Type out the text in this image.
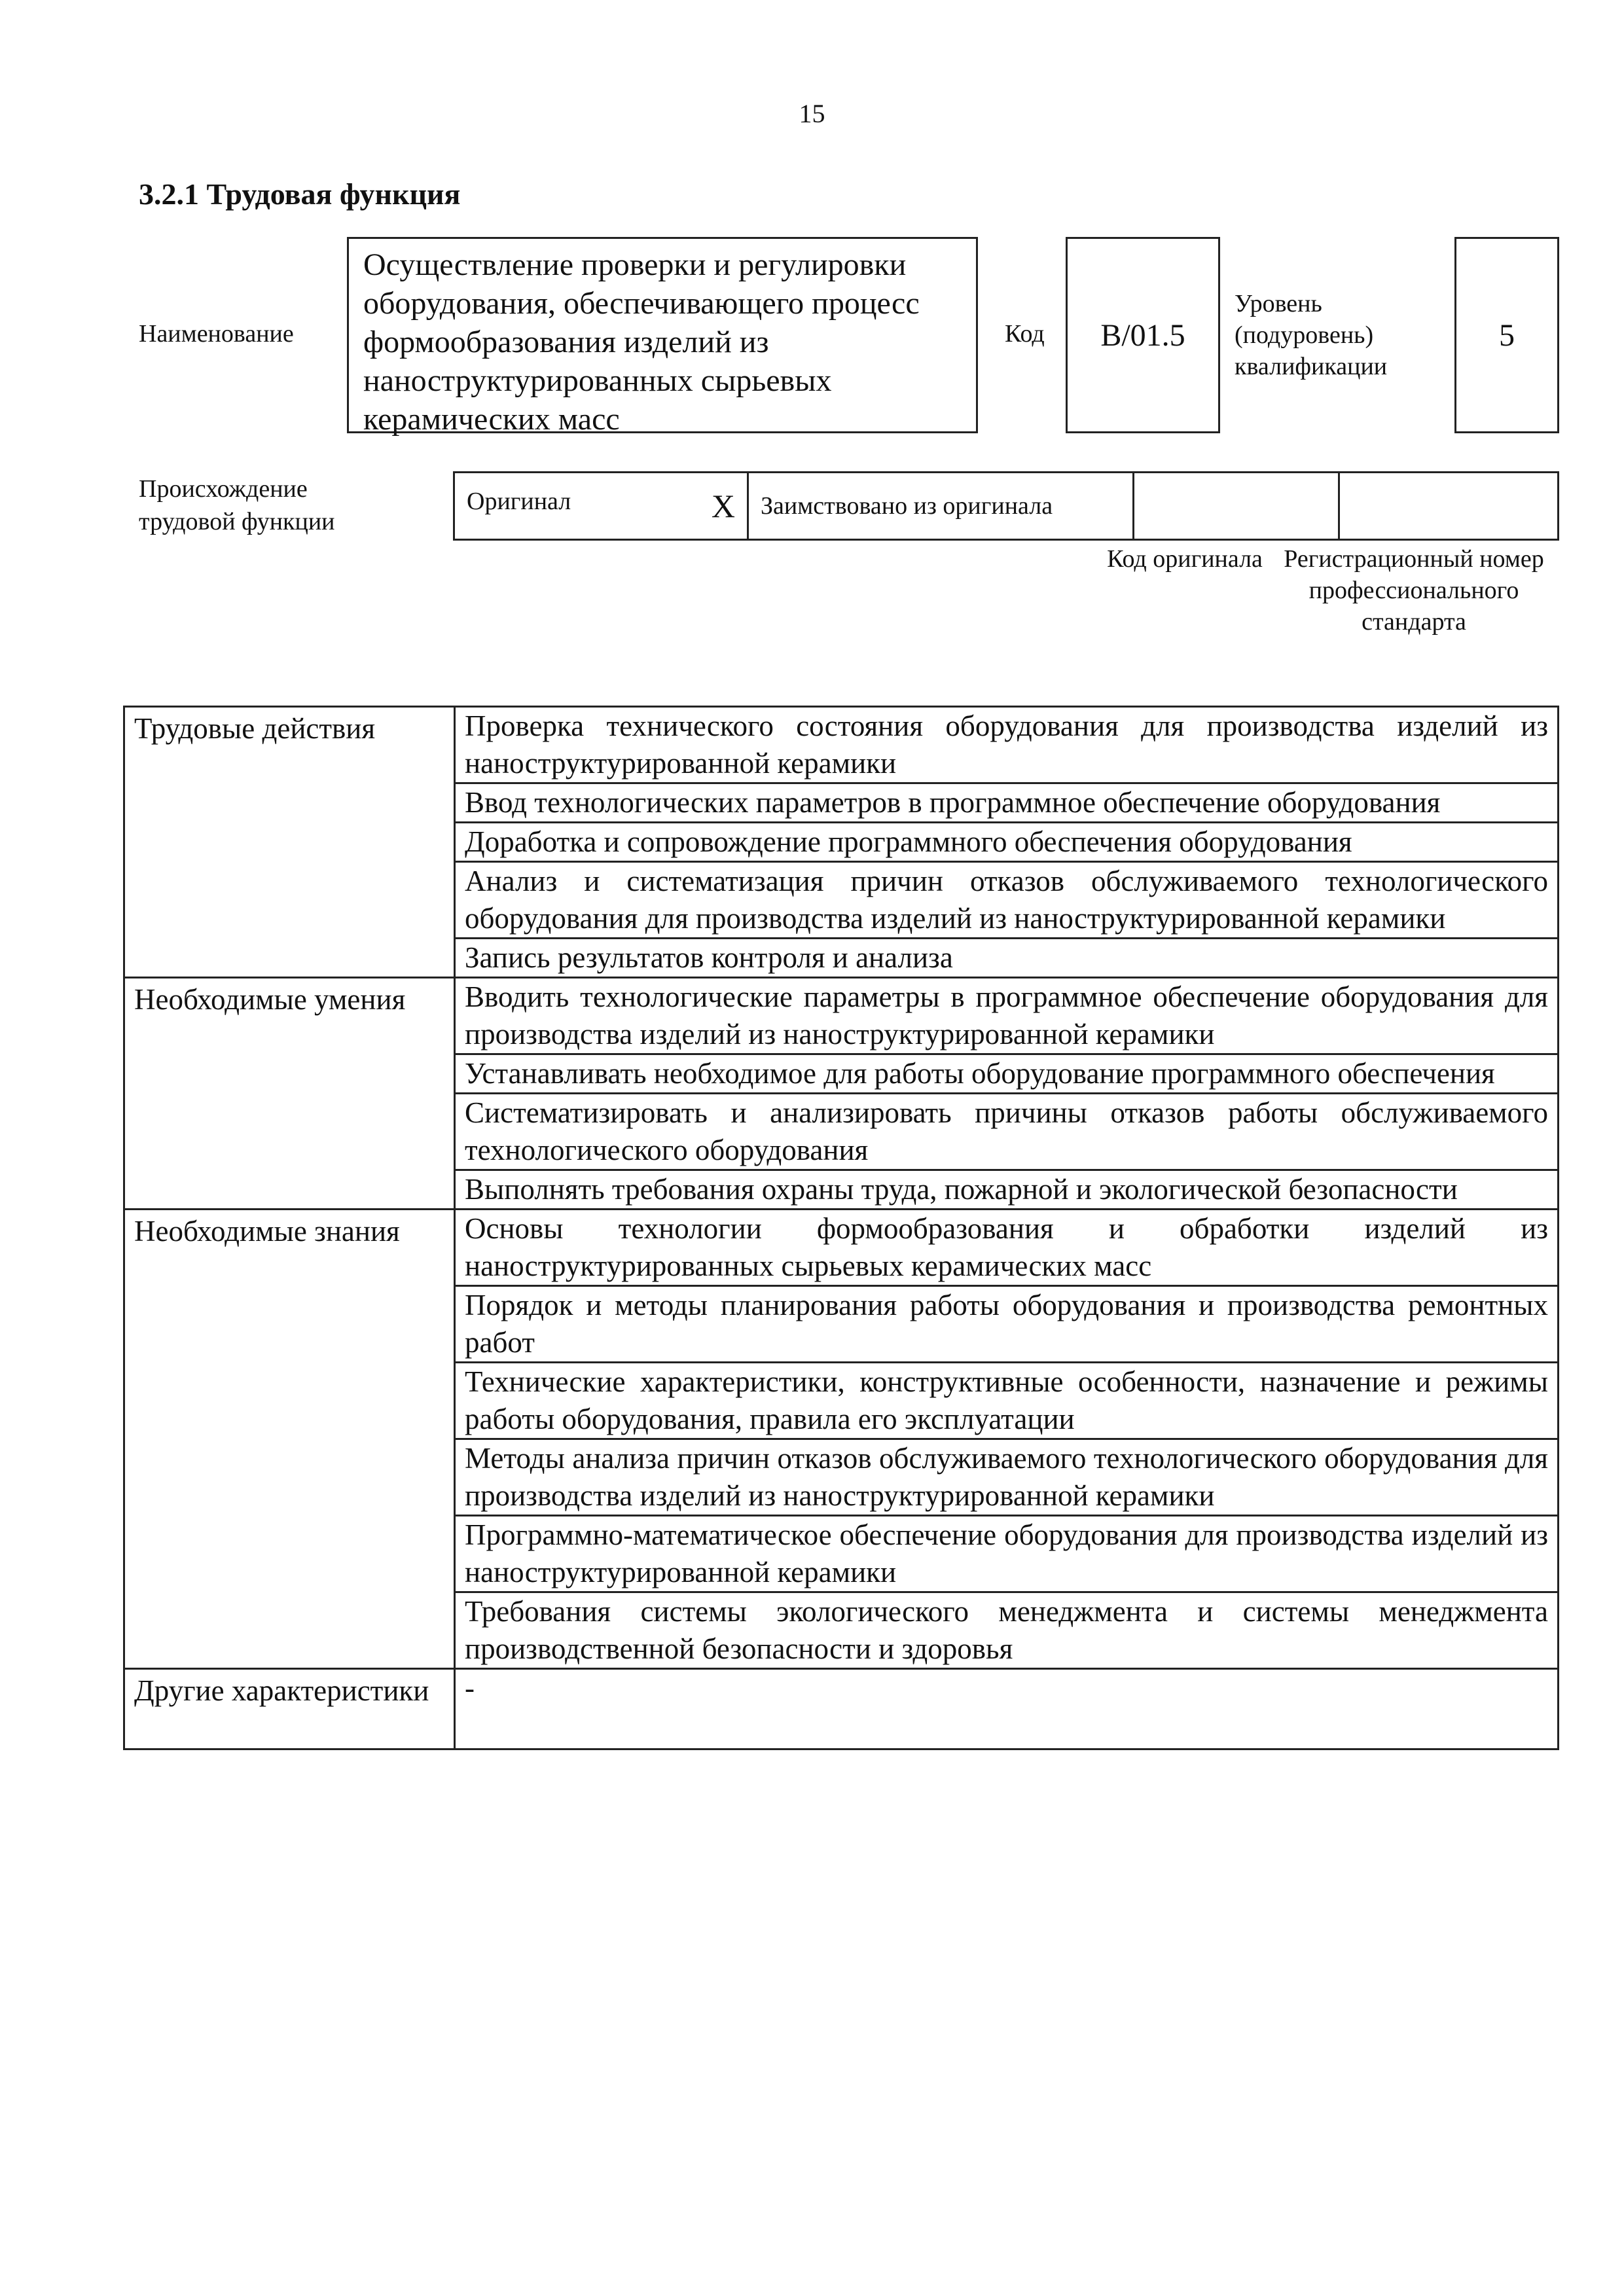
15
3.2.1 Трудовая функция
Наименование
Осуществление проверки и регулировки оборудования, обеспечивающего процесс формообразования изделий из наноструктурированных сырьевых керамических масс
Код B/01.5
Уровень (подуровень) квалификации
5
Происхождение трудовой функции
Оригинал	X	Заимствовано из оригинала		
Код оригинала Регистрационный номер профессионального стандарта
Трудовые действия	Проверка технического состояния оборудования для производства изделий из наноструктурированной керамики
	Ввод технологических параметров в программное обеспечение оборудования
	Доработка и сопровождение программного обеспечения оборудования
	Анализ и систематизация причин отказов обслуживаемого технологического оборудования для производства изделий из наноструктурированной керамики
	Запись результатов контроля и анализа
Необходимые умения	Вводить технологические параметры в программное обеспечение оборудования для производства изделий из наноструктурированной керамики
	Устанавливать необходимое для работы оборудование программного обеспечения
	Систематизировать и анализировать причины отказов работы обслуживаемого технологического оборудования
	Выполнять требования охраны труда, пожарной и экологической безопасности
Необходимые знания	Основы технологии формообразования и обработки изделий из наноструктурированных сырьевых керамических масс
	Порядок и методы планирования работы оборудования и производства ремонтных работ
	Технические характеристики, конструктивные особенности, назначение и режимы работы оборудования, правила его эксплуатации
	Методы анализа причин отказов обслуживаемого технологического оборудования для производства изделий из наноструктурированной керамики
	Программно-математическое обеспечение оборудования для производства изделий из наноструктурированной керамики
	Требования системы экологического менеджмента и системы менеджмента производственной безопасности и здоровья
Другие характеристики	-
